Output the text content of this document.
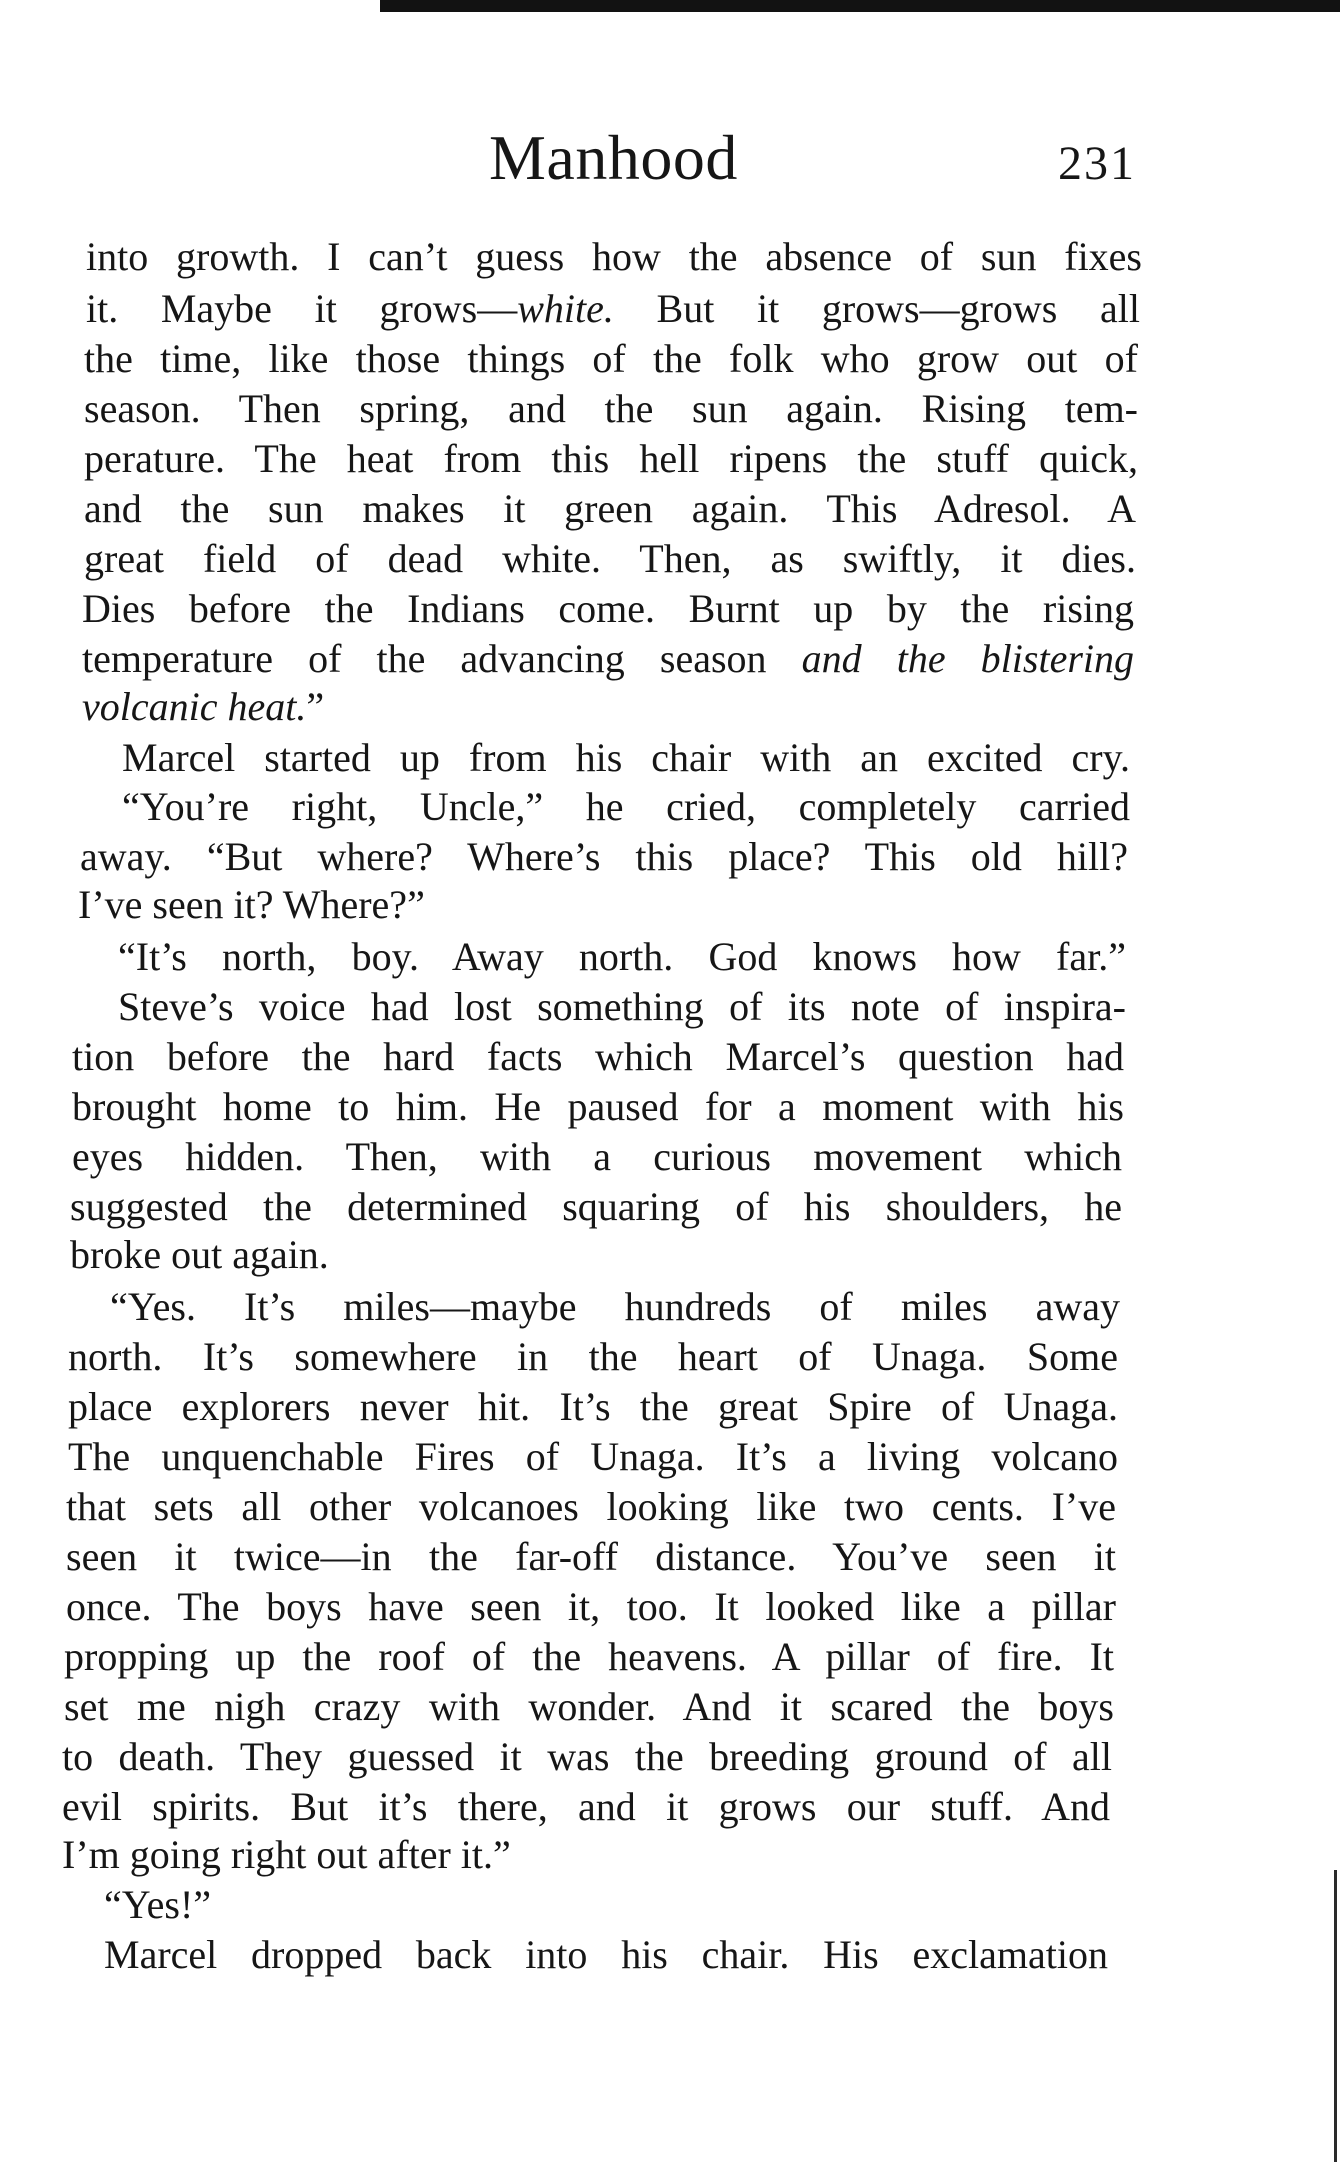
Manhood	231
into growth. I can’t guess how the absence of sun fixes
it. Maybe it grows—white. But it grows—grows all
the time, like those things of the folk who grow out of
season. Then spring, and the sun again. Rising tem-
perature. The heat from this hell ripens the stuff quick,
and the sun makes it green again. This Adresol. A
great field of dead white. Then, as swiftly, it dies.
Dies before the Indians come. Burnt up by the rising
temperature of the advancing season and the blistering
volcanic heat.”
Marcel started up from his chair with an excited cry.
“You’re right, Uncle,” he cried, completely carried
away. “But where? Where’s this place? This old hill?
I’ve seen it? Where?”
“It’s north, boy. Away north. God knows how far.”
Steve’s voice had lost something of its note of inspira-
tion before the hard facts which Marcel’s question had
brought home to him. He paused for a moment with his
eyes hidden. Then, with a curious movement which
suggested the determined squaring of his shoulders, he
broke out again.
“Yes. It’s miles—maybe hundreds of miles away
north. It’s somewhere in the heart of Unaga. Some
place explorers never hit. It’s the great Spire of Unaga.
The unquenchable Fires of Unaga. It’s a living volcano
that sets all other volcanoes looking like two cents. I’ve
seen it twice—in the far-off distance. You’ve seen it
once. The boys have seen it, too. It looked like a pillar
propping up the roof of the heavens. A pillar of fire. It
set me nigh crazy with wonder. And it scared the boys
to death. They guessed it was the breeding ground of all
evil spirits. But it’s there, and it grows our stuff. And
I’m going right out after it.”
“Yes!”
Marcel dropped back into his chair. His exclamation
